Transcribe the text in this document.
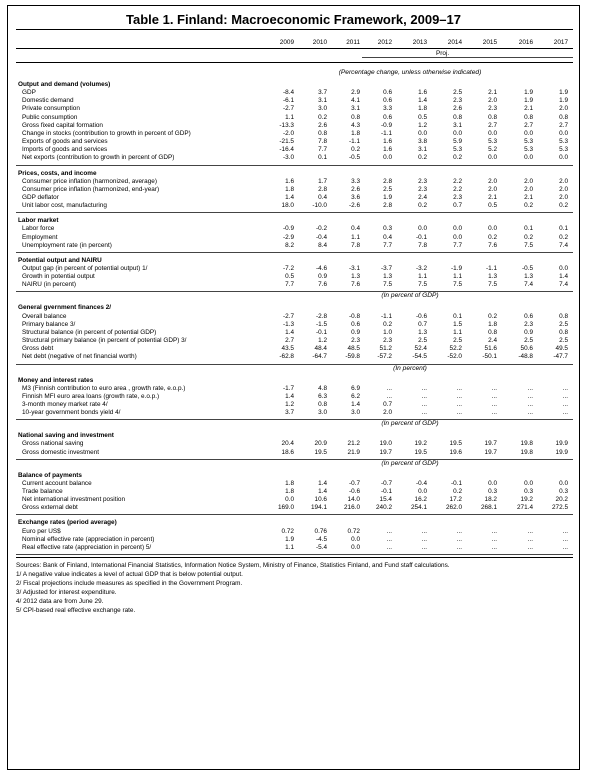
Table 1. Finland: Macroeconomic Framework, 2009–17
2009	2010	2011	2012	2013	2014	2015	2016	2017
Proj.
(Percentage change, unless otherwise indicated)
Output and demand (volumes)
GDP	-8.4	3.7	2.9	0.6	1.6	2.5	2.1	1.9	1.9
Domestic demand	-6.1	3.1	4.1	0.6	1.4	2.3	2.0	1.9	1.9
Private consumption	-2.7	3.0	3.1	3.3	1.8	2.6	2.3	2.1	2.0
Public consumption	1.1	0.2	0.8	0.6	0.5	0.8	0.8	0.8	0.8
Gross fixed capital formation	-13.3	2.6	4.3	-0.9	1.2	3.1	2.7	2.7	2.7
Change in stocks (contribution to growth in percent of GDP)	-2.0	0.8	1.8	-1.1	0.0	0.0	0.0	0.0	0.0
Exports of goods and services	-21.5	7.8	-1.1	1.6	3.8	5.9	5.3	5.3	5.3
Imports of goods and services	-16.4	7.7	0.2	1.6	3.1	5.3	5.2	5.3	5.3
Net exports (contribution to growth in percent of GDP)	-3.0	0.1	-0.5	0.0	0.2	0.2	0.0	0.0	0.0
Prices, costs, and income
Consumer price inflation (harmonized, average)	1.6	1.7	3.3	2.8	2.3	2.2	2.0	2.0	2.0
Consumer price inflation (harmonized, end-year)	1.8	2.8	2.6	2.5	2.3	2.2	2.0	2.0	2.0
GDP deflator	1.4	0.4	3.6	1.9	2.4	2.3	2.1	2.1	2.0
Unit labor cost, manufacturing	18.0	-10.0	-2.6	2.8	0.2	0.7	0.5	0.2	0.2
Labor market
Labor force	-0.9	-0.2	0.4	0.3	0.0	0.0	0.0	0.1	0.1
Employment	-2.9	-0.4	1.1	0.4	-0.1	0.0	0.2	0.2	0.2
Unemployment rate (in percent)	8.2	8.4	7.8	7.7	7.8	7.7	7.6	7.5	7.4
Potential output and NAIRU
Output gap (in percent of potential output) 1/	-7.2	-4.6	-3.1	-3.7	-3.2	-1.9	-1.1	-0.5	0.0
Growth in potential output	0.5	0.9	1.3	1.3	1.1	1.1	1.3	1.3	1.4
NAIRU (in percent)	7.7	7.6	7.6	7.5	7.5	7.5	7.5	7.4	7.4
(In percent of GDP)
General gvernment finances 2/
Overall balance	-2.7	-2.8	-0.8	-1.1	-0.6	0.1	0.2	0.6	0.8
Primary balance 3/	-1.3	-1.5	0.6	0.2	0.7	1.5	1.8	2.3	2.5
Structural balance (in percent of potential GDP)	1.4	-0.1	0.9	1.0	1.3	1.1	0.8	0.9	0.8
Structural primary balance (in percent of potential GDP) 3/	2.7	1.2	2.3	2.3	2.5	2.5	2.4	2.5	2.5
Gross debt	43.5	48.4	48.5	51.2	52.4	52.2	51.6	50.6	49.5
Net debt (negative of net financial worth)	-62.8	-64.7	-59.8	-57.2	-54.5	-52.0	-50.1	-48.8	-47.7
(In percent)
Money and interest rates
M3 (Finnish contribution to euro area , growth rate, e.o.p.)	-1.7	4.8	6.9	...	...	...	...	...	...
Finnish MFI euro area loans (growth rate, e.o.p.)	1.4	6.3	6.2	...	...	...	...	...	...
3-month money market rate 4/	1.2	0.8	1.4	0.7	...	...	...	...	...
10-year government bonds yield 4/	3.7	3.0	3.0	2.0	...	...	...	...	...
(In percent of GDP)
National saving and investment
Gross national saving	20.4	20.9	21.2	19.0	19.2	19.5	19.7	19.8	19.9
Gross domestic investment	18.6	19.5	21.9	19.7	19.5	19.6	19.7	19.8	19.9
(In percent of GDP)
Balance of payments
Current account balance	1.8	1.4	-0.7	-0.7	-0.4	-0.1	0.0	0.0	0.0
Trade balance	1.8	1.4	-0.6	-0.1	0.0	0.2	0.3	0.3	0.3
Net international investment position	0.0	10.6	14.0	15.4	16.2	17.2	18.2	19.2	20.2
Gross external debt	169.0	194.1	216.0	240.2	254.1	262.0	268.1	271.4	272.5
Exchange rates (period average)
Euro per US$	0.72	0.76	0.72	...	...	...	...	...	...
Nominal effective rate (appreciation in percent)	1.9	-4.5	0.0	...	...	...	...	...	...
Real effective rate (appreciation in percent) 5/	1.1	-5.4	0.0	...	...	...	...	...	...
Sources: Bank of Finland, International Financial Statistics, Information Notice System, Ministry of Finance, Statistics Finland, and Fund staff calculations.
1/ A negative value indicates a level of actual GDP that is below potential output.
2/ Fiscal projections include measures as specified in the Government Program.
3/ Adjusted for interest expenditure.
4/ 2012 data are from June 29.
5/ CPI-based real effective exchange rate.
